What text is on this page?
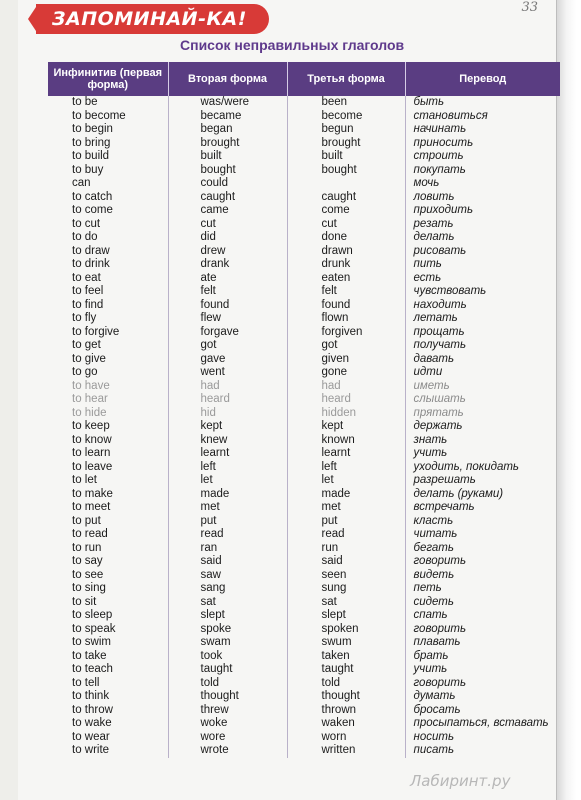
33
ЗАПОМИНАЙ-КА!
Список неправильных глаголов
Инфинитив (первая форма)	Вторая форма	Третья форма	Перевод
to be	was/were	been	быть
to become	became	become	становиться
to begin	began	begun	начинать
to bring	brought	brought	приносить
to build	built	built	строить
to buy	bought	bought	покупать
can	could		мочь
to catch	caught	caught	ловить
to come	came	come	приходить
to cut	cut	cut	резать
to do	did	done	делать
to draw	drew	drawn	рисовать
to drink	drank	drunk	пить
to eat	ate	eaten	есть
to feel	felt	felt	чувствовать
to find	found	found	находить
to fly	flew	flown	летать
to forgive	forgave	forgiven	прощать
to get	got	got	получать
to give	gave	given	давать
to go	went	gone	идти
to have	had	had	иметь
to hear	heard	heard	слышать
to hide	hid	hidden	прятать
to keep	kept	kept	держать
to know	knew	known	знать
to learn	learnt	learnt	учить
to leave	left	left	уходить, покидать
to let	let	let	разрешать
to make	made	made	делать (руками)
to meet	met	met	встречать
to put	put	put	класть
to read	read	read	читать
to run	ran	run	бегать
to say	said	said	говорить
to see	saw	seen	видеть
to sing	sang	sung	петь
to sit	sat	sat	сидеть
to sleep	slept	slept	спать
to speak	spoke	spoken	говорить
to swim	swam	swum	плавать
to take	took	taken	брать
to teach	taught	taught	учить
to tell	told	told	говорить
to think	thought	thought	думать
to throw	threw	thrown	бросать
to wake	woke	waken	просыпаться, вставать
to wear	wore	worn	носить
to write	wrote	written	писать
Лабиринт.ру
